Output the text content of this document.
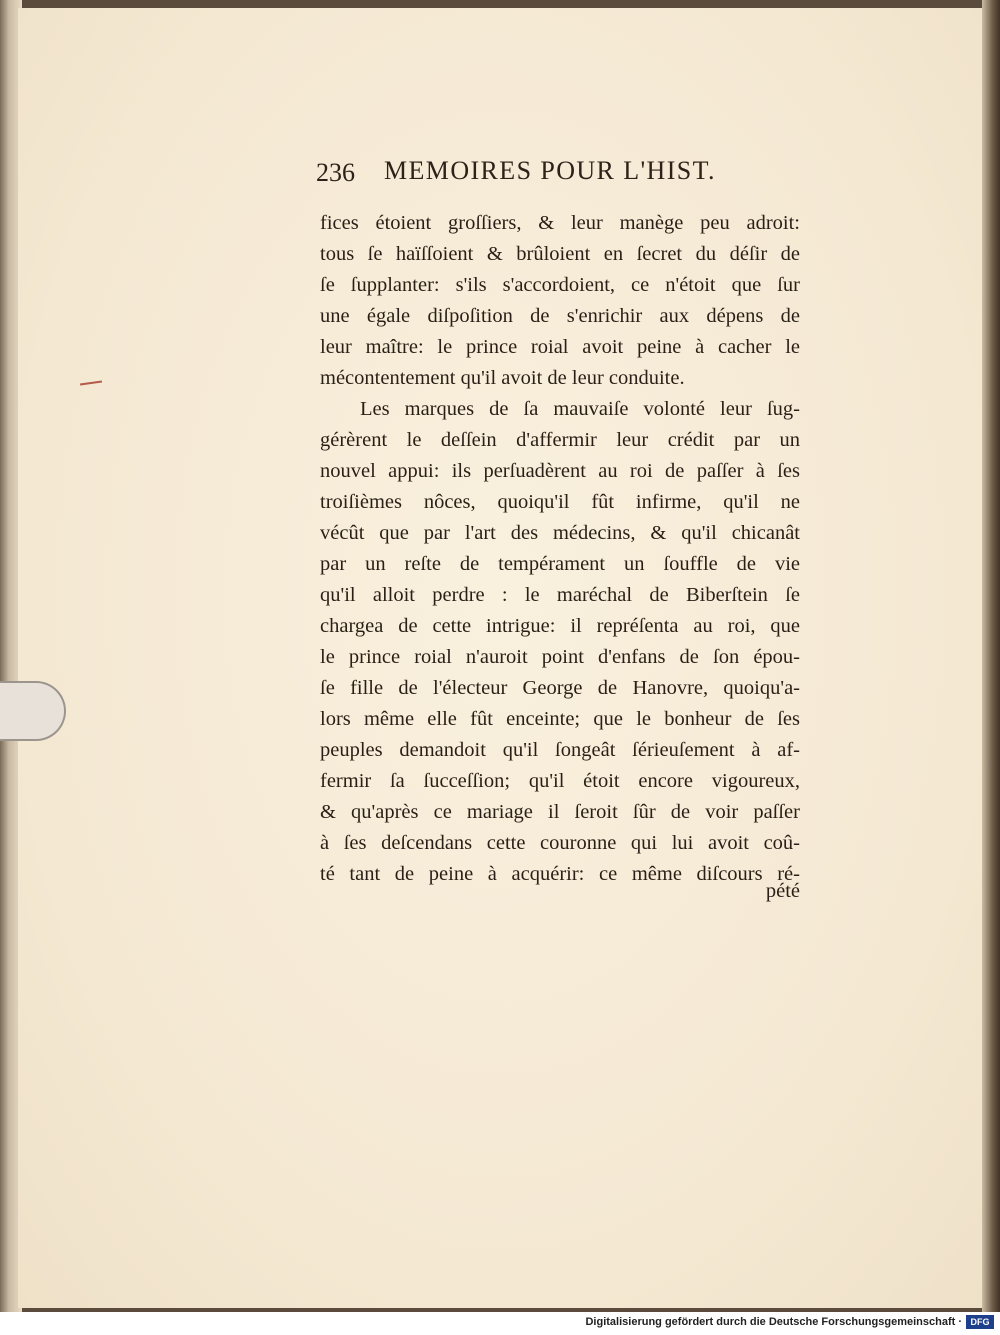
236 MEMOIRES POUR L'HIST.
fices étoient groſſiers, & leur manège peu adroit:
tous ſe haïſſoient & brûloient en ſecret du déſir de
ſe ſupplanter: s'ils s'accordoient, ce n'étoit que ſur
une égale diſpoſition de s'enrichir aux dépens de
leur maître: le prince roial avoit peine à cacher le
mécontentement qu'il avoit de leur conduite.
Les marques de ſa mauvaiſe volonté leur ſug-
gérèrent le deſſein d'affermir leur crédit par un
nouvel appui: ils perſuadèrent au roi de paſſer à ſes
troiſièmes nôces, quoiqu'il fût infirme, qu'il ne
vécût que par l'art des médecins, & qu'il chicanât
par un reſte de tempérament un ſouffle de vie
qu'il alloit perdre : le maréchal de Biberſtein ſe
chargea de cette intrigue: il repréſenta au roi, que
le prince roial n'auroit point d'enfans de ſon épou-
ſe fille de l'électeur George de Hanovre, quoiqu'a-
lors même elle fût enceinte; que le bonheur de ſes
peuples demandoit qu'il ſongeât ſérieuſement à af-
fermir ſa ſucceſſion; qu'il étoit encore vigoureux,
& qu'après ce mariage il ſeroit ſûr de voir paſſer
à ſes deſcendans cette couronne qui lui avoit coû-
té tant de peine à acquérir: ce même diſcours ré-
pété
Digitalisierung gefördert durch die Deutsche Forschungsgemeinschaft · DFG
